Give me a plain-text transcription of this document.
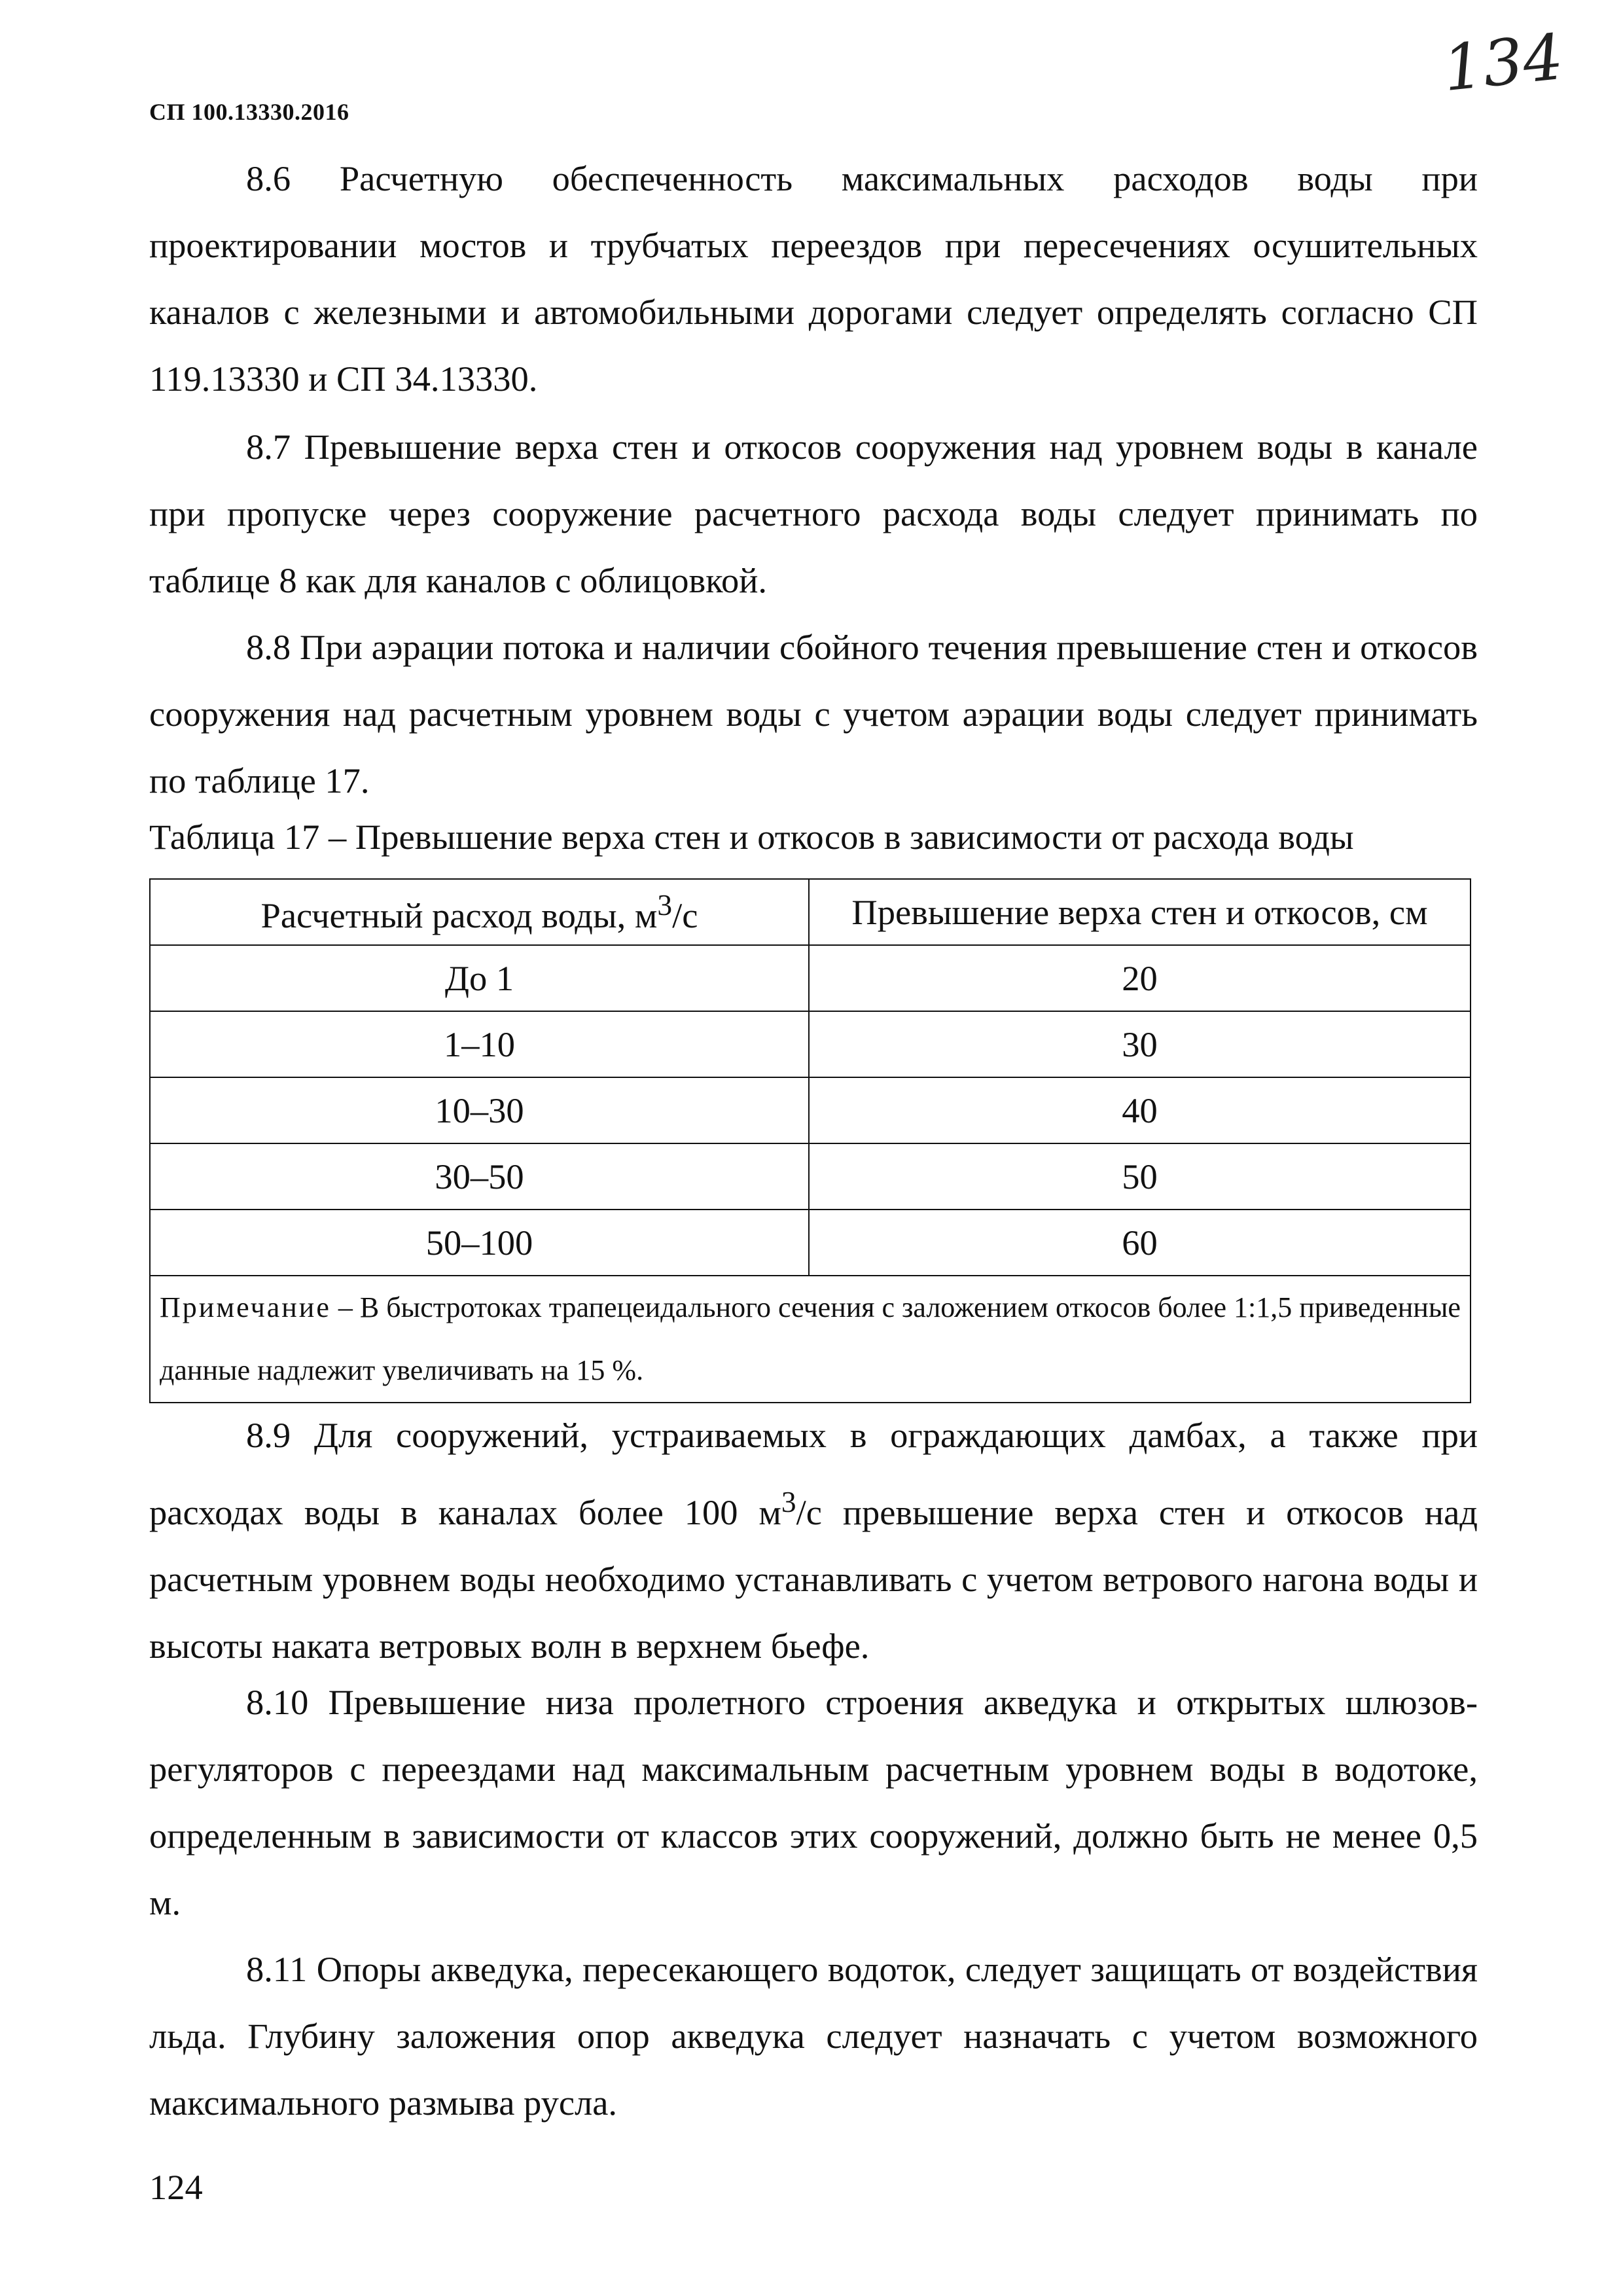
СП 100.13330.2016
134

8.6 Расчетную обеспеченность максимальных расходов воды при проектировании мостов и трубчатых переездов при пересечениях осушительных каналов с железными и автомобильными дорогами следует определять согласно СП 119.13330 и СП 34.13330.

8.7 Превышение верха стен и откосов сооружения над уровнем воды в канале при пропуске через сооружение расчетного расхода воды следует принимать по таблице 8 как для каналов с облицовкой.

8.8 При аэрации потока и наличии сбойного течения превышение стен и откосов сооружения над расчетным уровнем воды с учетом аэрации воды следует принимать по таблице 17.

Таблица 17 – Превышение верха стен и откосов в зависимости от расхода воды

Расчетный расход воды, $м^3/с$	Превышение верха стен и откосов, см
До 1	20
1–10	30
10–30	40
30–50	50
50–100	60
Примечание – В быстротоках трапецеидального сечения с заложением откосов более 1:1,5 приведенные данные надлежит увеличивать на 15 %.	

8.9 Для сооружений, устраиваемых в ограждающих дамбах, а также при расходах воды в каналах более 100 $м^3/с$ превышение верха стен и откосов над расчетным уровнем воды необходимо устанавливать с учетом ветрового нагона воды и высоты наката ветровых волн в верхнем бьефе.

8.10 Превышение низа пролетного строения акведука и открытых шлюзов-регуляторов с переездами над максимальным расчетным уровнем воды в водотоке, определенным в зависимости от классов этих сооружений, должно быть не менее 0,5 м.

8.11 Опоры акведука, пересекающего водоток, следует защищать от воздействия льда. Глубину заложения опор акведука следует назначать с учетом возможного максимального размыва русла.

124
